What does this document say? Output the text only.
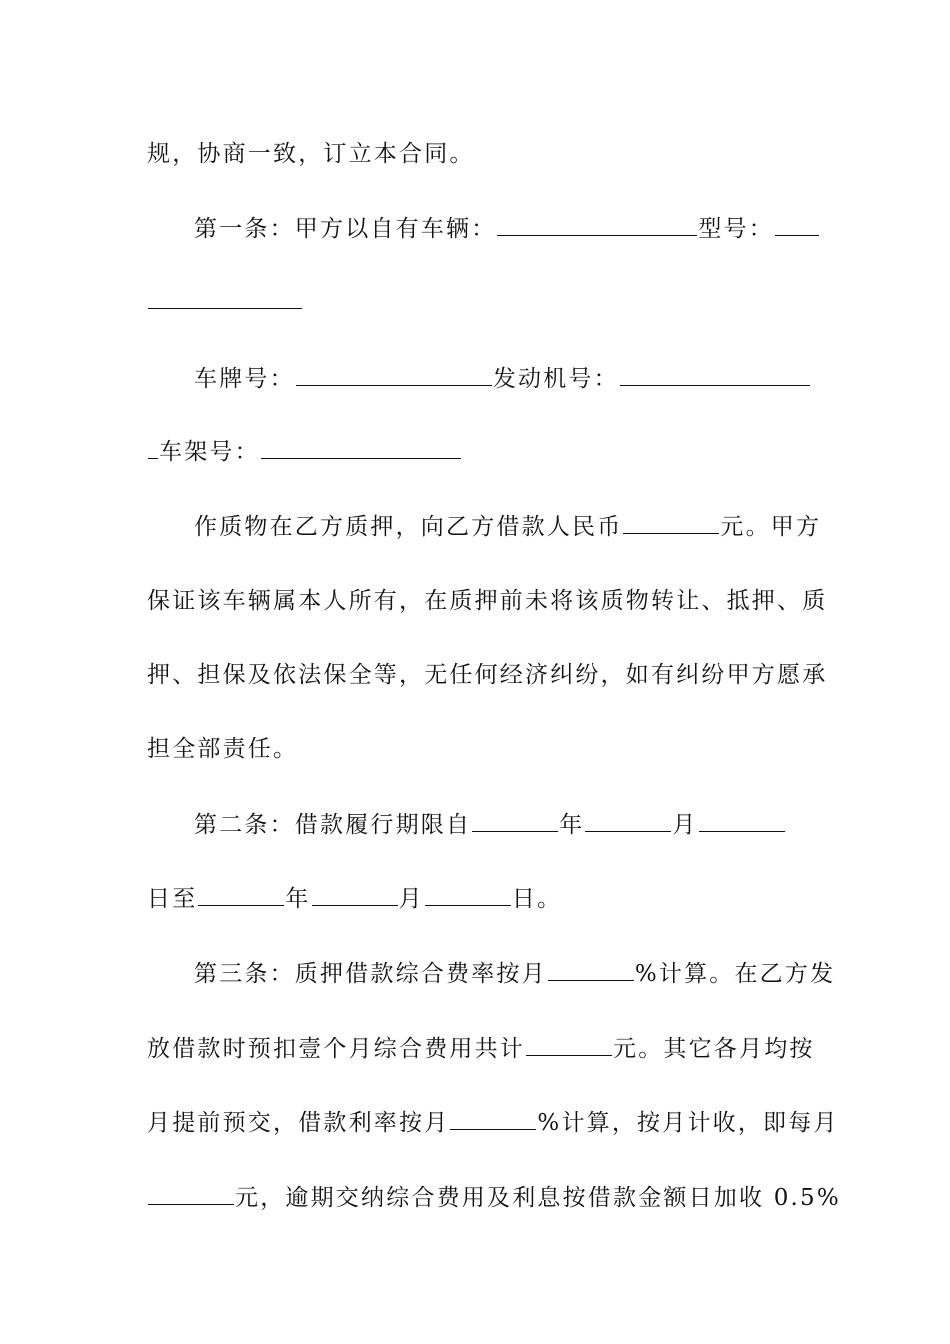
规，协商一致，订立本合同。
第一条：甲方以自有车辆：	型号：
车牌号：	发动机号：
车架号：
作质物在乙方质押，向乙方借款人民币	元。甲方
保证该车辆属本人所有，在质押前未将该质物转让、抵押、质
押、担保及依法保全等，无任何经济纠纷，如有纠纷甲方愿承
担全部责任。
第二条：借款履行期限自	年	月
日至	年	月	日。
第三条：质押借款综合费率按月	%计算。在乙方发
放借款时预扣壹个月综合费用共计	元。其它各月均按
月提前预交，借款利率按月	%计算，按月计收，即每月
元，逾期交纳综合费用及利息按借款金额日加收 0.5%
